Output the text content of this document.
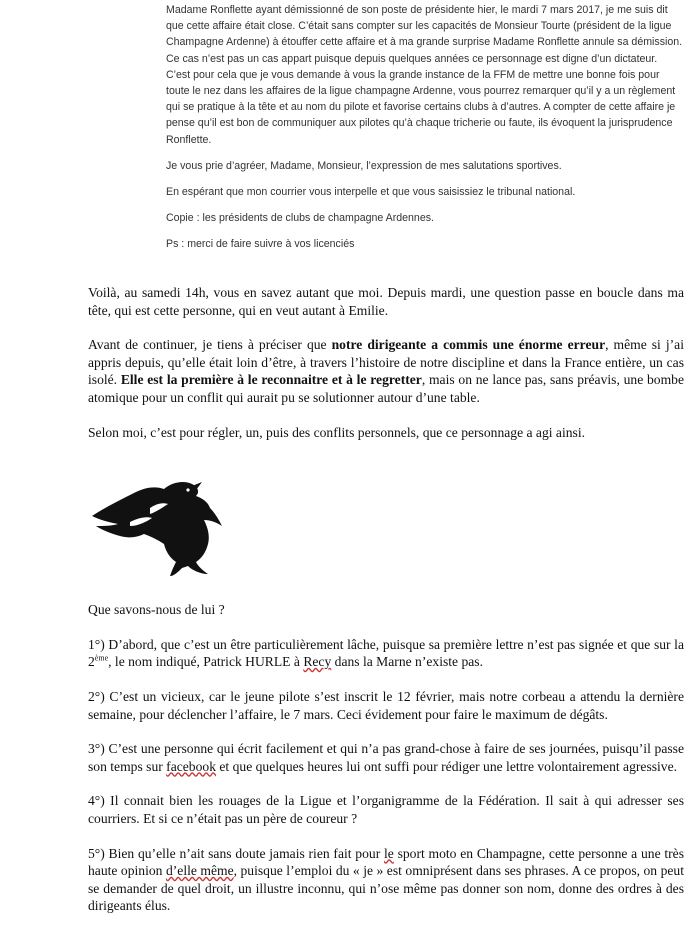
Madame Ronflette ayant démissionné de son poste de présidente hier, le mardi 7 mars 2017, je me suis dit que cette affaire était close. C’était sans compter sur les capacités de Monsieur Tourte (président de la ligue Champagne Ardenne) à étouffer cette affaire et à ma grande surprise Madame Ronflette annule sa démission. Ce cas n’est pas un cas appart puisque depuis quelques années ce personnage est digne d’un dictateur. C’est pour cela que je vous demande à vous la grande instance de la FFM de mettre une bonne fois pour toute le nez dans les affaires de la ligue champagne Ardenne, vous pourrez remarquer qu’il y a un règlement qui se pratique à la tête et au nom du pilote et favorise certains clubs à d’autres. A compter de cette affaire je pense qu’il est bon de communiquer aux pilotes qu’à chaque tricherie ou faute, ils évoquent la jurisprudence Ronflette.

Je vous prie d’agréer, Madame, Monsieur, l’expression de mes salutations sportives.

En espérant que mon courrier vous interpelle et que vous saisissiez le tribunal national.

Copie : les présidents de clubs de champagne Ardennes.

Ps : merci de faire suivre à vos licenciés

Voilà, au samedi 14h, vous en savez autant que moi. Depuis mardi, une question passe en boucle dans ma tête, qui est cette personne, qui en veut autant à Emilie.

Avant de continuer, je tiens à préciser que notre dirigeante a commis une énorme erreur, même si j’ai appris depuis, qu’elle était loin d’être, à travers l’histoire de notre discipline et dans la France entière, un cas isolé. Elle est la première à le reconnaitre et à le regretter, mais on ne lance pas, sans préavis, une bombe atomique pour un conflit qui aurait pu se solutionner autour d’une table.

Selon moi, c’est pour régler, un, puis des conflits personnels, que ce personnage a agi ainsi.

Que savons-nous de lui ?

1°) D’abord, que c’est un être particulièrement lâche, puisque sa première lettre n’est pas signée et que sur la 2ème, le nom indiqué, Patrick HURLE à Recy dans la Marne n’existe pas.

2°) C’est un vicieux, car le jeune pilote s’est inscrit le 12 février, mais notre corbeau a attendu la dernière semaine, pour déclencher l’affaire, le 7 mars. Ceci évidement pour faire le maximum de dégâts.

3°) C’est une personne qui écrit facilement et qui n’a pas grand-chose à faire de ses journées, puisqu’il passe son temps sur facebook et que quelques heures lui ont suffi pour rédiger une lettre volontairement agressive.

4°) Il connait bien les rouages de la Ligue et l’organigramme de la Fédération. Il sait à qui adresser ses courriers. Et si ce n’était pas un père de coureur ?

5°) Bien qu’elle n’ait sans doute jamais rien fait pour le sport moto en Champagne, cette personne a une très haute opinion d’elle même, puisque l’emploi du « je » est omniprésent dans ses phrases. A ce propos, on peut se demander de quel droit, un illustre inconnu, qui n’ose même pas donner son nom, donne des ordres à des dirigeants élus.
